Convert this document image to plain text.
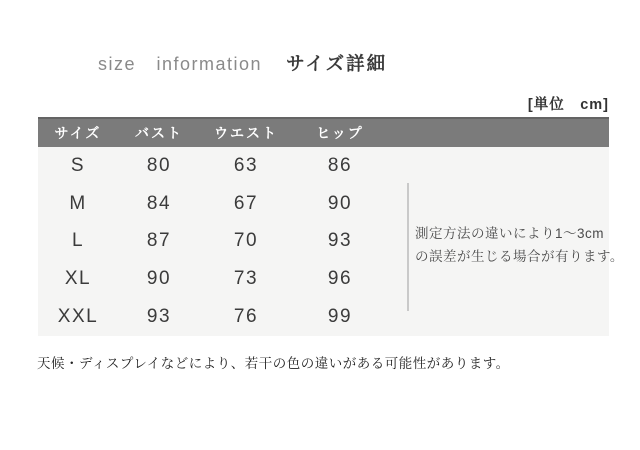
size information サイズ詳細
[単位　cm]
サイズ	バスト	ウエスト	ヒップ
S	80	63	86
M	84	67	90
L	87	70	93
XL	90	73	96
XXL	93	76	99
測定方法の違いにより1～3cm
の誤差が生じる場合が有ります。
天候・ディスプレイなどにより、若干の色の違いがある可能性があります。
